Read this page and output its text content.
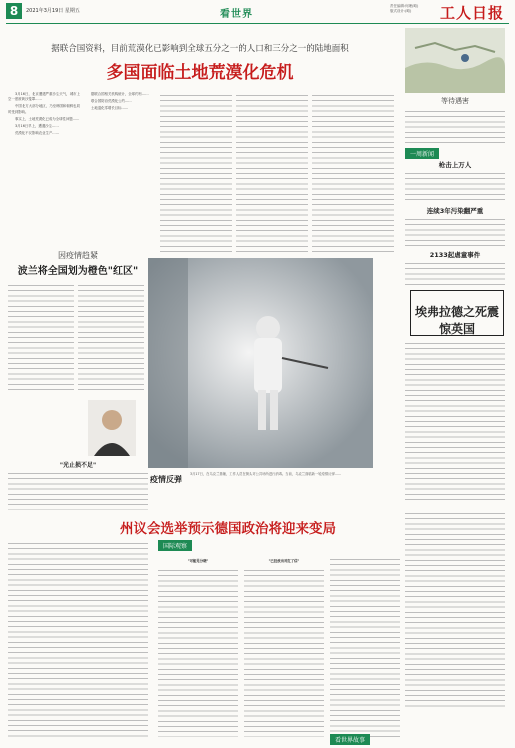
8	2021年3月19日 星期五	看世界
责任编辑:何理(略)
版式设计:(略)	工人日报
据联合国资料，目前荒漠化已影响到全球五分之一的人口和三分之一的陆地面积
多国面临土地荒漠化危机

3月16日，北京遭遇严重沙尘天气，城市上空一度被黄沙笼罩……

中国北方大部分地区，乃至韩国和朝鲜也同时受到影响。

事实上，土地荒漠化已成为全球性问题……

3月16日早上，遭遇沙尘……

荒漠化不仅影响农业生产……

据联合国相关机构统计，全球约有……

联合国防治荒漠化公约……

土地退化零增长目标……

等待遇害
一周新闻
枪击上万人
连续3年污染翻严重
2133起虐童事件
埃弗拉德之死震惊英国
因疫情趋紧
波兰将全国划为橙色"红区"
"光止损不足"
疫情反弹
3月17日，在乌克兰基辅，工作人员在街头对公共场所进行消毒。当前，乌克兰面临新一轮疫情反弹……
州议会选举预示德国政治将迎来变局
国际观察
"可能见分晓"	"已经放出对红了信"
看世界故事
